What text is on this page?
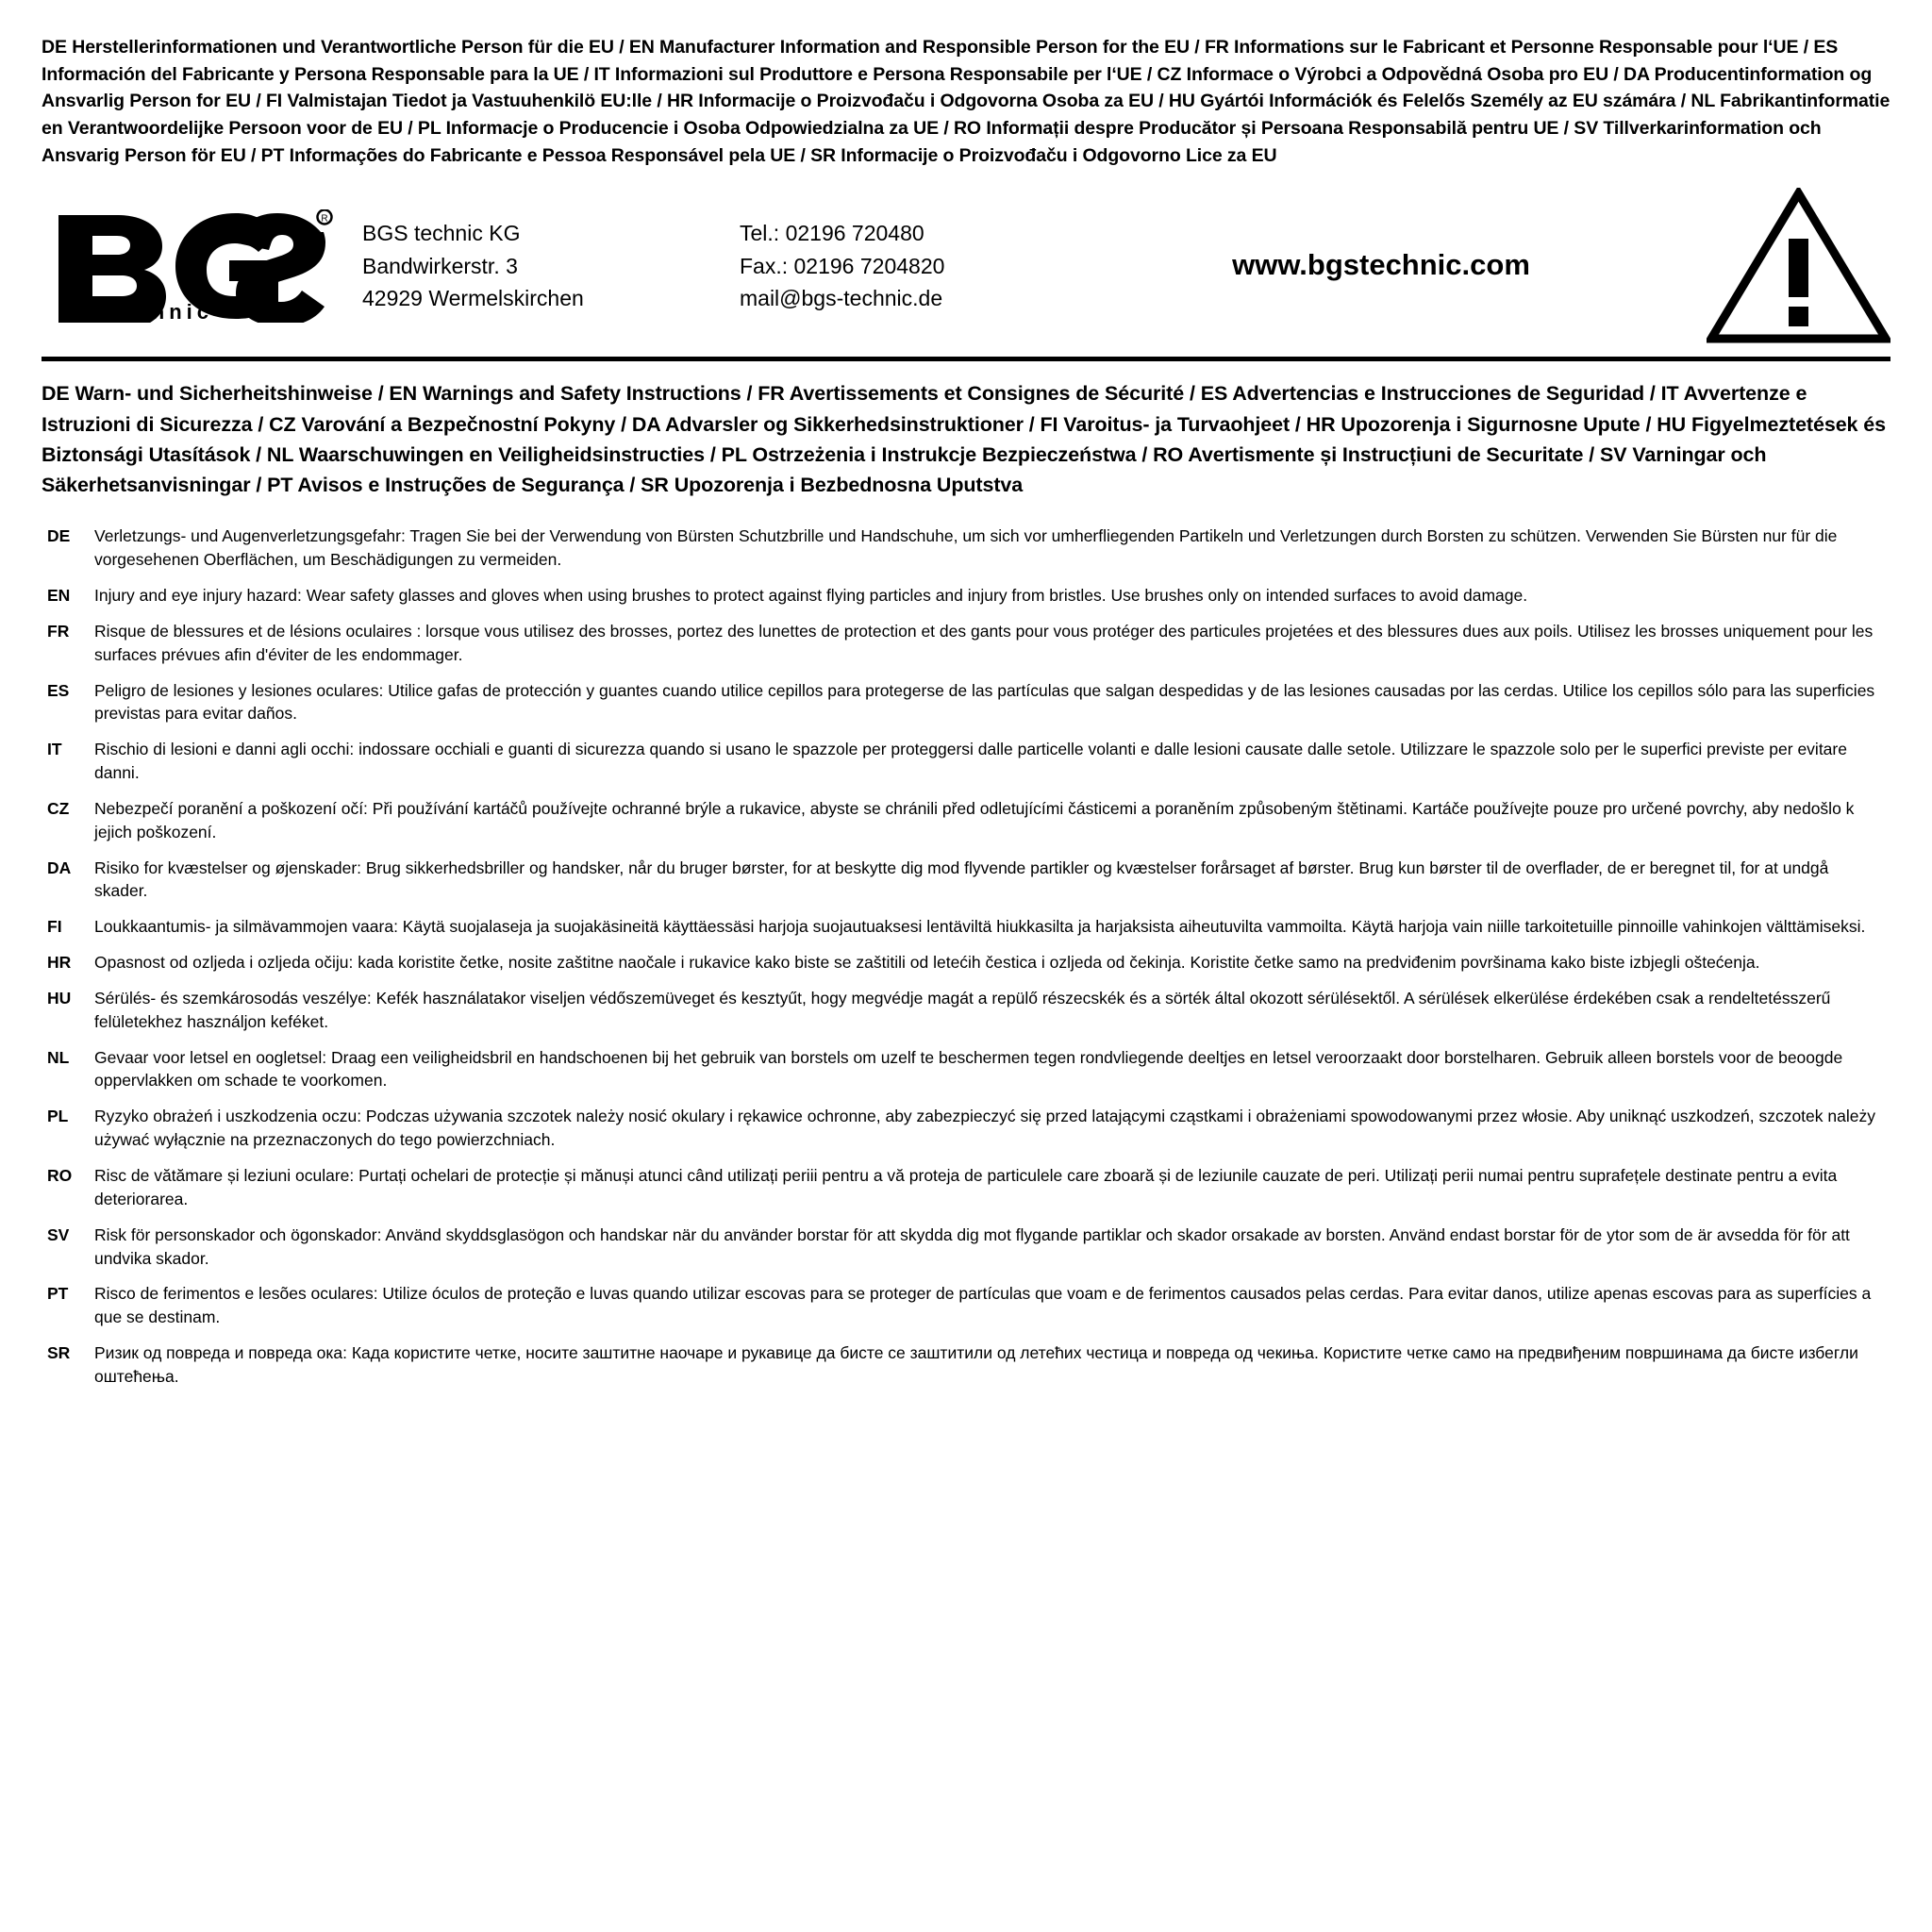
DE Herstellerinformationen und Verantwortliche Person für die EU / EN Manufacturer Information and Responsible Person for the EU / FR Informations sur le Fabricant et Personne Responsable pour l‘UE / ES Información del Fabricante y Persona Responsable para la UE / IT Informazioni sul Produttore e Persona Responsabile per l‘UE / CZ Informace o Výrobci a Odpovědná Osoba pro EU / DA Producentinformation og Ansvarlig Person for EU / FI Valmistajan Tiedot ja Vastuuhenkilö EU:lle / HR Informacije o Proizvođaču i Odgovorna Osoba za EU / HU Gyártói Információk és Felelős Személy az EU számára / NL Fabrikantinformatie en Verantwoordelijke Persoon voor de EU / PL Informacje o Producencie i Osoba Odpowiedzialna za UE / RO Informații despre Producător și Persoana Responsabilă pentru UE / SV Tillverkarinformation och Ansvarig Person för EU / PT Informações do Fabricante e Pessoa Responsável pela UE / SR Informacije o Proizvođaču i Odgovorno Lice za EU
R
technic
BGS technic KG
Bandwirkerstr. 3
42929 Wermelskirchen
Tel.: 02196 720480
Fax.: 02196 7204820
mail@bgs-technic.de
www.bgstechnic.com
DE Warn- und Sicherheitshinweise / EN Warnings and Safety Instructions / FR Avertissements et Consignes de Sécurité / ES Advertencias e Instrucciones de Seguridad / IT Avvertenze e Istruzioni di Sicurezza / CZ Varování a Bezpečnostní Pokyny / DA Advarsler og Sikkerhedsinstruktioner / FI Varoitus- ja Turvaohjeet / HR Upozorenja i Sigurnosne Upute / HU Figyelmeztetések és Biztonsági Utasítások / NL Waarschuwingen en Veiligheidsinstructies / PL Ostrzeżenia i Instrukcje Bezpieczeństwa / RO Avertismente și Instrucțiuni de Securitate / SV Varningar och Säkerhetsanvisningar / PT Avisos e Instruções de Segurança / SR Upozorenja i Bezbednosna Uputstva
DE	Verletzungs- und Augenverletzungsgefahr: Tragen Sie bei der Verwendung von Bürsten Schutzbrille und Handschuhe, um sich vor umherfliegenden Partikeln und Verletzungen durch Borsten zu schützen. Verwenden Sie Bürsten nur für die vorgesehenen Oberflächen, um Beschädigungen zu vermeiden.
EN	Injury and eye injury hazard: Wear safety glasses and gloves when using brushes to protect against flying particles and injury from bristles. Use brushes only on intended surfaces to avoid damage.
FR	Risque de blessures et de lésions oculaires : lorsque vous utilisez des brosses, portez des lunettes de protection et des gants pour vous protéger des particules projetées et des blessures dues aux poils. Utilisez les brosses uniquement pour les surfaces prévues afin d'éviter de les endommager.
ES	Peligro de lesiones y lesiones oculares: Utilice gafas de protección y guantes cuando utilice cepillos para protegerse de las partículas que salgan despedidas y de las lesiones causadas por las cerdas. Utilice los cepillos sólo para las superficies previstas para evitar daños.
IT	Rischio di lesioni e danni agli occhi: indossare occhiali e guanti di sicurezza quando si usano le spazzole per proteggersi dalle particelle volanti e dalle lesioni causate dalle setole. Utilizzare le spazzole solo per le superfici previste per evitare danni.
CZ	Nebezpečí poranění a poškození očí: Při používání kartáčů používejte ochranné brýle a rukavice, abyste se chránili před odletujícími částicemi a poraněním způsobeným štětinami. Kartáče používejte pouze pro určené povrchy, aby nedošlo k jejich poškození.
DA	Risiko for kvæstelser og øjenskader: Brug sikkerhedsbriller og handsker, når du bruger børster, for at beskytte dig mod flyvende partikler og kvæstelser forårsaget af børster. Brug kun børster til de overflader, de er beregnet til, for at undgå skader.
FI	Loukkaantumis- ja silmävammojen vaara: Käytä suojalaseja ja suojakäsineitä käyttäessäsi harjoja suojautuaksesi lentäviltä hiukkasilta ja harjaksista aiheutuvilta vammoilta. Käytä harjoja vain niille tarkoitetuille pinnoille vahinkojen välttämiseksi.
HR	Opasnost od ozljeda i ozljeda očiju: kada koristite četke, nosite zaštitne naočale i rukavice kako biste se zaštitili od letećih čestica i ozljeda od čekinja. Koristite četke samo na predviđenim površinama kako biste izbjegli oštećenja.
HU	Sérülés- és szemkárosodás veszélye: Kefék használatakor viseljen védőszemüveget és kesztyűt, hogy megvédje magát a repülő részecskék és a sörték által okozott sérülésektől. A sérülések elkerülése érdekében csak a rendeltetésszerű felületekhez használjon keféket.
NL	Gevaar voor letsel en oogletsel: Draag een veiligheidsbril en handschoenen bij het gebruik van borstels om uzelf te beschermen tegen rondvliegende deeltjes en letsel veroorzaakt door borstelharen. Gebruik alleen borstels voor de beoogde oppervlakken om schade te voorkomen.
PL	Ryzyko obrażeń i uszkodzenia oczu: Podczas używania szczotek należy nosić okulary i rękawice ochronne, aby zabezpieczyć się przed latającymi cząstkami i obrażeniami spowodowanymi przez włosie. Aby uniknąć uszkodzeń, szczotek należy używać wyłącznie na przeznaczonych do tego powierzchniach.
RO	Risc de vătămare și leziuni oculare: Purtați ochelari de protecție și mănuși atunci când utilizați periii pentru a vă proteja de particulele care zboară și de leziunile cauzate de peri. Utilizați perii numai pentru suprafețele destinate pentru a evita deteriorarea.
SV	Risk för personskador och ögonskador: Använd skyddsglasögon och handskar när du använder borstar för att skydda dig mot flygande partiklar och skador orsakade av borsten. Använd endast borstar för de ytor som de är avsedda för för att undvika skador.
PT	Risco de ferimentos e lesões oculares: Utilize óculos de proteção e luvas quando utilizar escovas para se proteger de partículas que voam e de ferimentos causados pelas cerdas. Para evitar danos, utilize apenas escovas para as superfícies a que se destinam.
SR	Ризик од повреда и повреда ока: Када користите четке, носите заштитне наочаре и рукавице да бисте се заштитили од летећих честица и повреда од чекиња. Користите четке само на предвиђеним површинама да бисте избегли оштећења.
